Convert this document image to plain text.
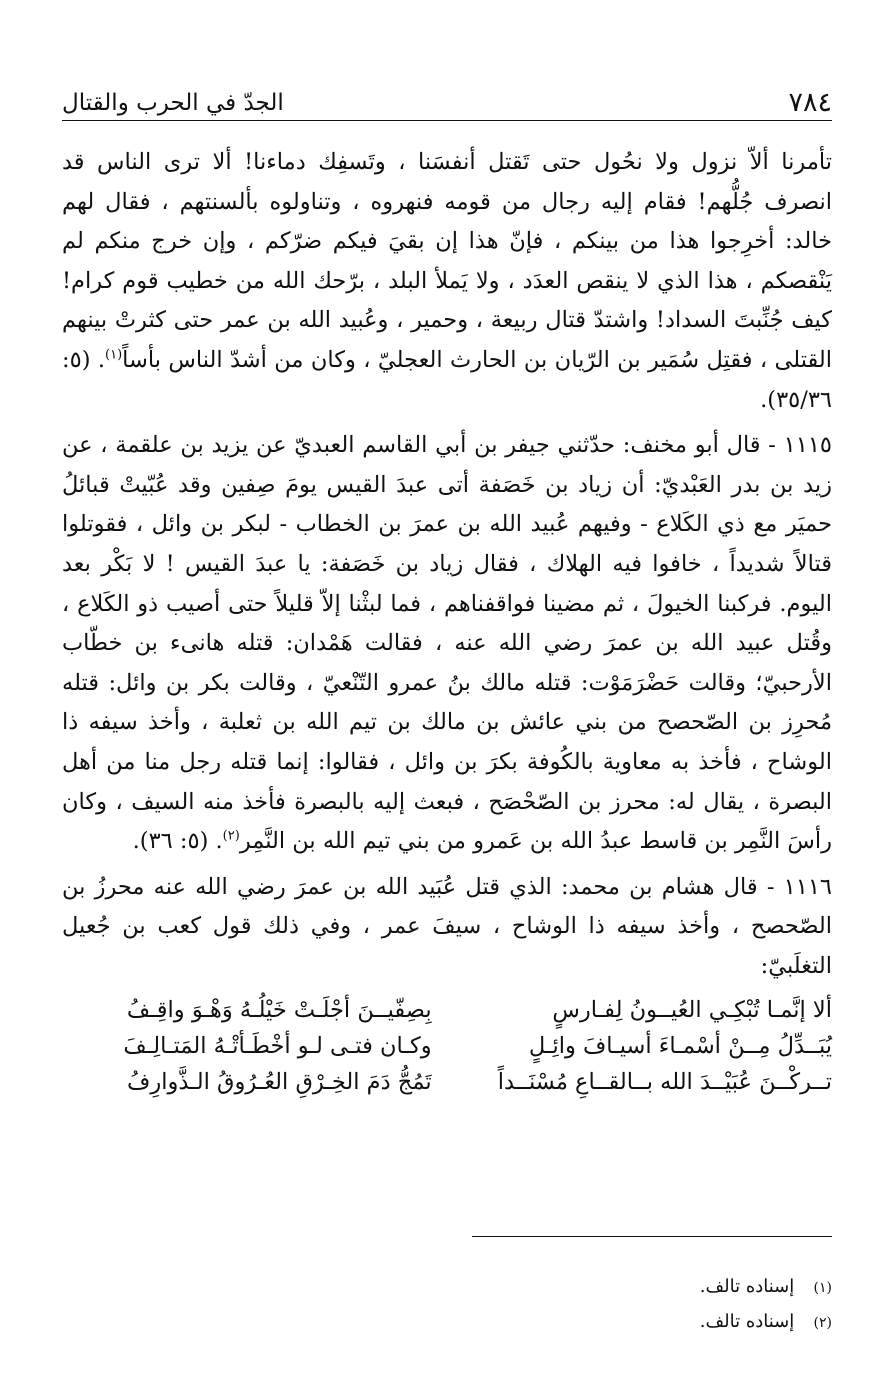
٧٨٤
الجدّ في الحرب والقتال

تأمرنا ألاّ نزول ولا نحُول حتى تَقتل أنفسَنا ، وتَسفِك دماءنا! ألا ترى الناس قد انصرف جُلُّهم! فقام إليه رجال من قومه فنهروه ، وتناولوه بألسنتهم ، فقال لهم خالد: أخرِجوا هذا من بينكم ، فإنّ هذا إن بقيَ فيكم ضرّكم ، وإن خرج منكم لم يَنْقصكم ، هذا الذي لا ينقص العدَد ، ولا يَملأ البلد ، برّحك الله من خطيب قوم كرام! كيف جُنِّبتَ السداد! واشتدّ قتال ربيعة ، وحمير ، وعُبيد الله بن عمر حتى كثرتْ بينهم القتلى ، فقتِل سُمَير بن الرّيان بن الحارث العجليّ ، وكان من أشدّ الناس بأساً$^{(١)}$. (٥: ٣٥/٣٦).

١١١٥ - قال أبو مخنف: حدّثني جيفر بن أبي القاسم العبديّ عن يزيد بن علقمة ، عن زيد بن بدر العَبْديّ: أن زياد بن خَصَفة أتى عبدَ القيس يومَ صِفين وقد عُبّيتْ قبائلُ حميَر مع ذي الكَلاع - وفيهم عُبيد الله بن عمرَ بن الخطاب - لبكر بن وائل ، فقوتلوا قتالاً شديداً ، خافوا فيه الهلاك ، فقال زياد بن خَصَفة: يا عبدَ القيس ! لا بَكْر بعد اليوم. فركبنا الخيولَ ، ثم مضينا فواقفناهم ، فما لبثْنا إلاّ قليلاً حتى أصيب ذو الكَلاع ، وقُتل عبيد الله بن عمرَ رضي الله عنه ، فقالت هَمْدان: قتله هانىء بن خطّاب الأرحبيّ؛ وقالت حَضْرَمَوْت: قتله مالك بنُ عمرو التّنْعيّ ، وقالت بكر بن وائل: قتله مُحرِز بن الصّحصح من بني عائش بن مالك بن تيم الله بن ثعلبة ، وأخذ سيفه ذا الوشاح ، فأخذ به معاوية بالكُوفة بكرَ بن وائل ، فقالوا: إنما قتله رجل منا من أهل البصرة ، يقال له: محرز بن الصّحْصَح ، فبعث إليه بالبصرة فأخذ منه السيف ، وكان رأسَ النَّمِر بن قاسط عبدُ الله بن عَمرو من بني تيم الله بن النَّمِر$^{(٢)}$. (٥: ٣٦).

١١١٦ - قال هشام بن محمد: الذي قتل عُبَيد الله بن عمرَ رضي الله عنه محرزُ بن الصّحصح ، وأخذ سيفه ذا الوشاح ، سيفَ عمر ، وفي ذلك قول كعب بن جُعيل التغلَبيّ:

ألا إنَّمـا تُبْكِـي العُيــونُ لِفـارسٍ
بِصِفّيــنَ أجْلَـتْ خَيْلُـهُ وَهْـوَ واقِـفُ
يُبَــدِّلُ مِــنْ أسْمـاءَ أسيـافَ وائِـلٍ
وكـان فتـى لـو أخْطَـأتْـهُ المَتـالِـفَ
تــركْــنَ عُبَيْــدَ الله بــالقــاعِ مُسْنَــداً
تَمُجُّ دَمَ الخِـرْقِ العُـرُوقُ الـذَّوارِفُ
(١) إسناده تالف.
(٢) إسناده تالف.
